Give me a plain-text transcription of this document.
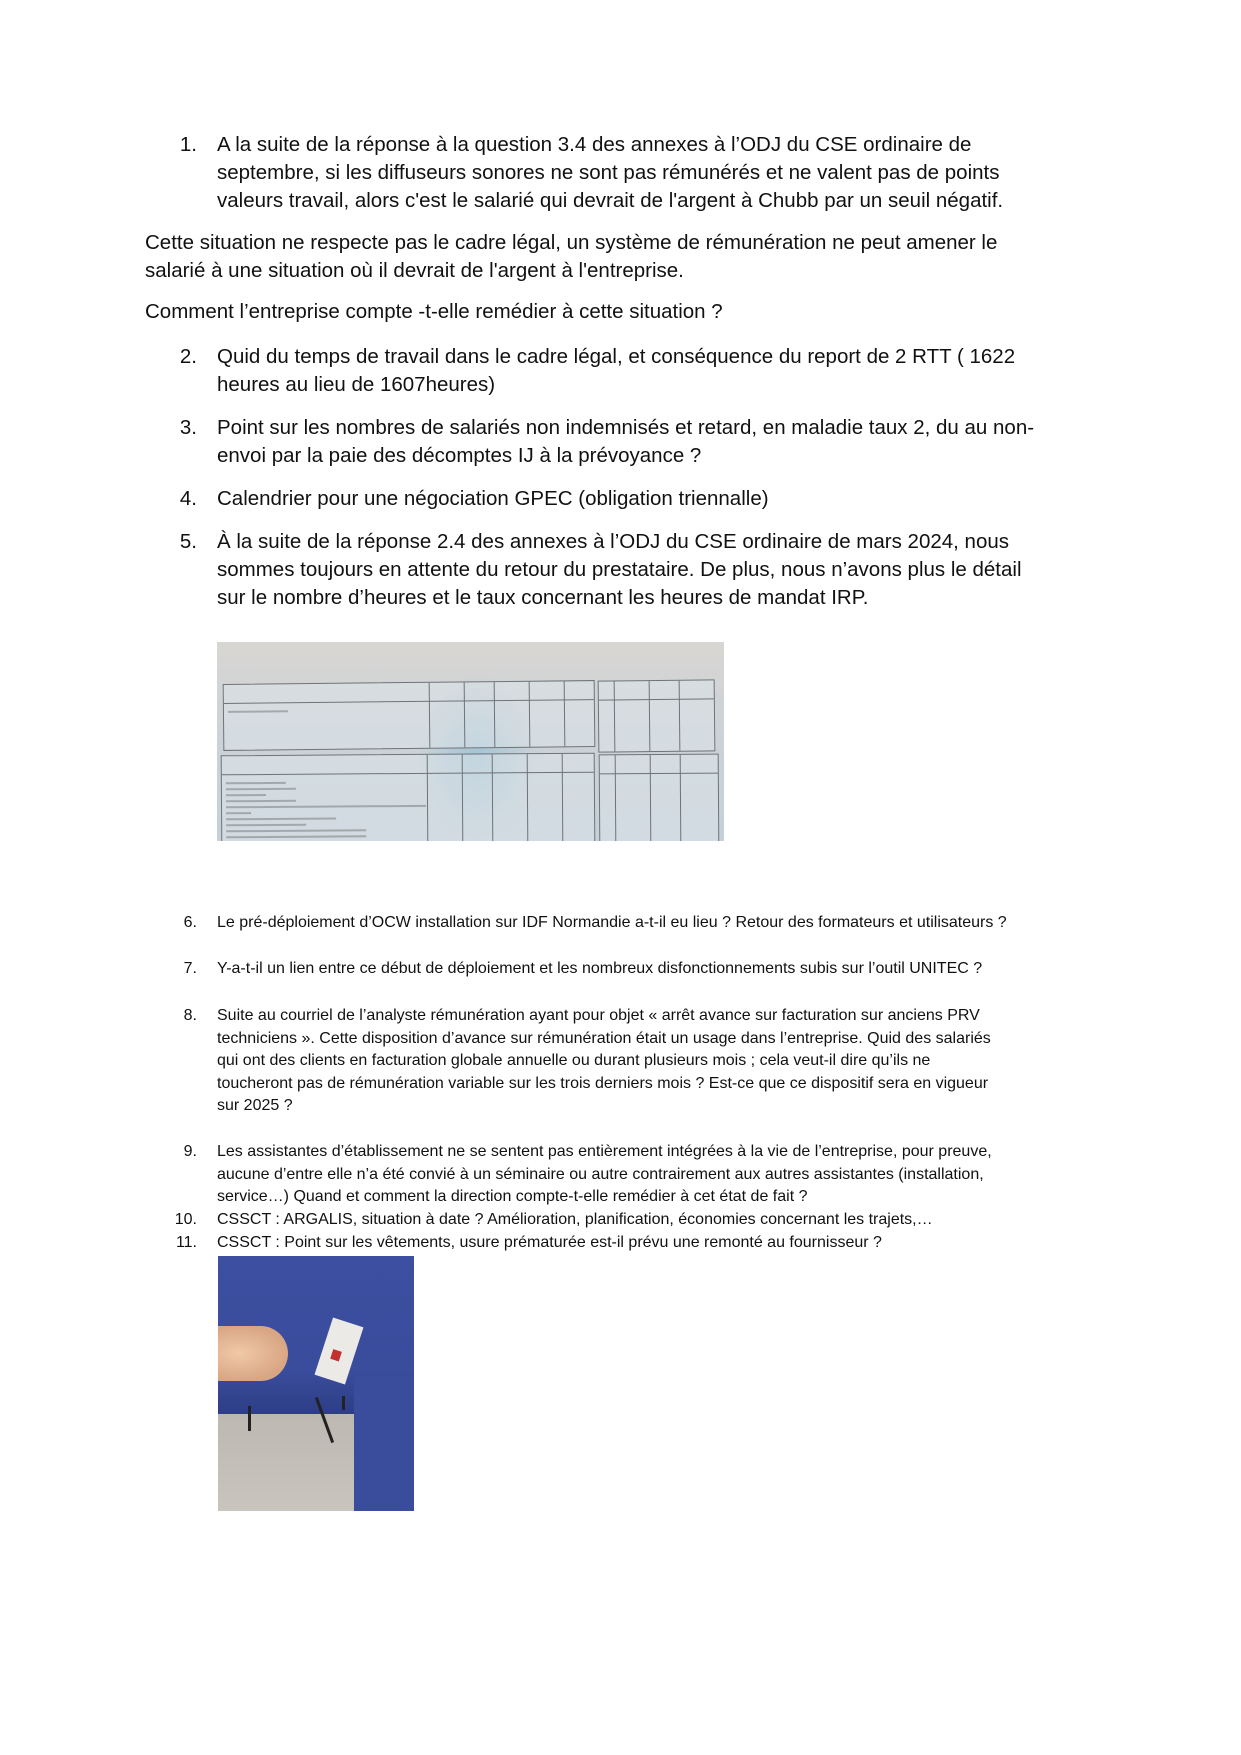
1. A la suite de la réponse à la question 3.4 des annexes à l’ODJ du CSE ordinaire de
septembre, si les diffuseurs sonores ne sont pas rémunérés et ne valent pas de points
valeurs travail, alors c'est le salarié qui devrait de l'argent à Chubb par un seuil négatif.
Cette situation ne respecte pas le cadre légal, un système de rémunération ne peut amener le
salarié à une situation où il devrait de l'argent à l'entreprise.
Comment l’entreprise compte -t-elle remédier à cette situation ?
2. Quid du temps de travail dans le cadre légal, et conséquence du report de 2 RTT ( 1622
heures au lieu de 1607heures)
3. Point sur les nombres de salariés non indemnisés et retard, en maladie taux 2, du au non-
envoi par la paie des décomptes IJ à la prévoyance ?
4. Calendrier pour une négociation GPEC (obligation triennalle)
5. À la suite de la réponse 2.4 des annexes à l’ODJ du CSE ordinaire de mars 2024, nous
sommes toujours en attente du retour du prestataire. De plus, nous n’avons plus le détail
sur le nombre d’heures et le taux concernant les heures de mandat IRP.
6. Le pré-déploiement d’OCW installation sur IDF Normandie a-t-il eu lieu ? Retour des formateurs et utilisateurs ?
7. Y-a-t-il un lien entre ce début de déploiement et les nombreux disfonctionnements subis sur l’outil UNITEC ?
8. Suite au courriel de l’analyste rémunération ayant pour objet « arrêt avance sur facturation sur anciens PRV
techniciens ». Cette disposition d’avance sur rémunération était un usage dans l’entreprise. Quid des salariés
qui ont des clients en facturation globale annuelle ou durant plusieurs mois ; cela veut-il dire qu’ils ne
toucheront pas de rémunération variable sur les trois derniers mois ? Est-ce que ce dispositif sera en vigueur
sur 2025 ?
9. Les assistantes d’établissement ne se sentent pas entièrement intégrées à la vie de l’entreprise, pour preuve,
aucune d’entre elle n’a été convié à un séminaire ou autre contrairement aux autres assistantes (installation,
service…) Quand et comment la direction compte-t-elle remédier à cet état de fait ?
10. CSSCT : ARGALIS, situation à date ? Amélioration, planification, économies concernant les trajets,…
11. CSSCT : Point sur les vêtements, usure prématurée est-il prévu une remonté au fournisseur ?
